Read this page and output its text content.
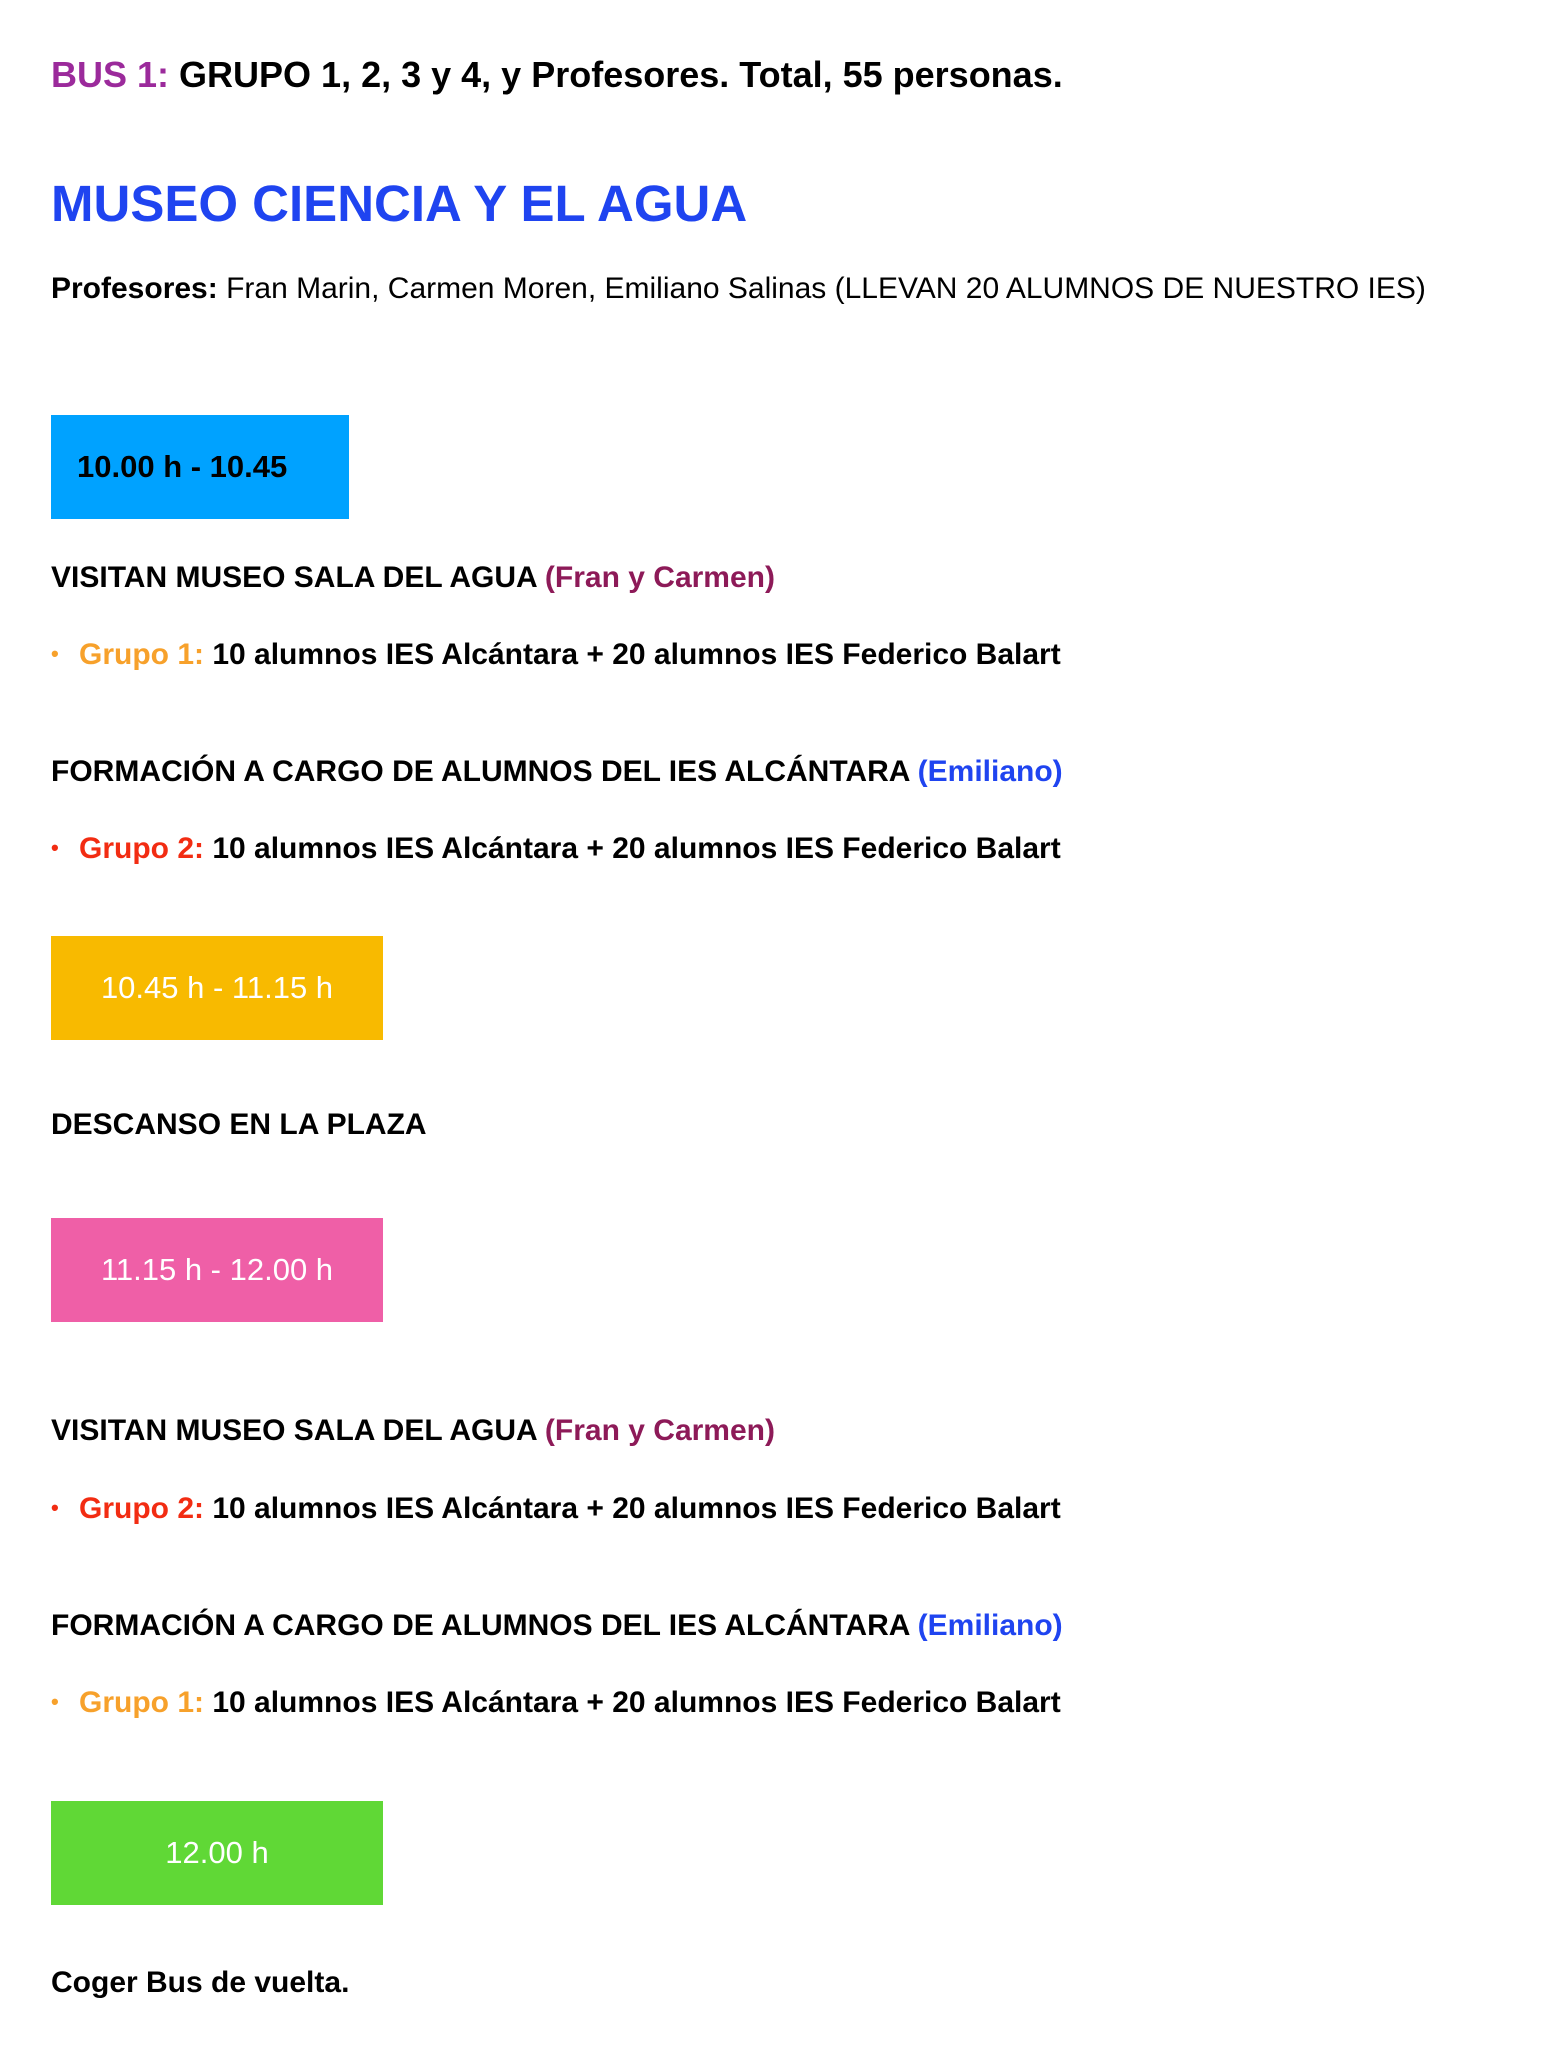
BUS 1: GRUPO 1, 2, 3 y 4, y Profesores. Total, 55 personas.
MUSEO CIENCIA Y EL AGUA
Profesores: Fran Marin, Carmen Moren, Emiliano Salinas (LLEVAN 20 ALUMNOS DE NUESTRO IES)
10.00 h - 10.45
VISITAN MUSEO SALA DEL AGUA (Fran y Carmen)
• Grupo 1: 10 alumnos IES Alcántara + 20 alumnos IES Federico Balart
FORMACIÓN A CARGO DE ALUMNOS DEL IES ALCÁNTARA (Emiliano)
• Grupo 2: 10 alumnos IES Alcántara + 20 alumnos IES Federico Balart
10.45 h - 11.15 h
DESCANSO EN LA PLAZA
11.15 h - 12.00 h
VISITAN MUSEO SALA DEL AGUA (Fran y Carmen)
• Grupo 2: 10 alumnos IES Alcántara + 20 alumnos IES Federico Balart
FORMACIÓN A CARGO DE ALUMNOS DEL IES ALCÁNTARA (Emiliano)
• Grupo 1: 10 alumnos IES Alcántara + 20 alumnos IES Federico Balart
12.00 h
Coger Bus de vuelta.
